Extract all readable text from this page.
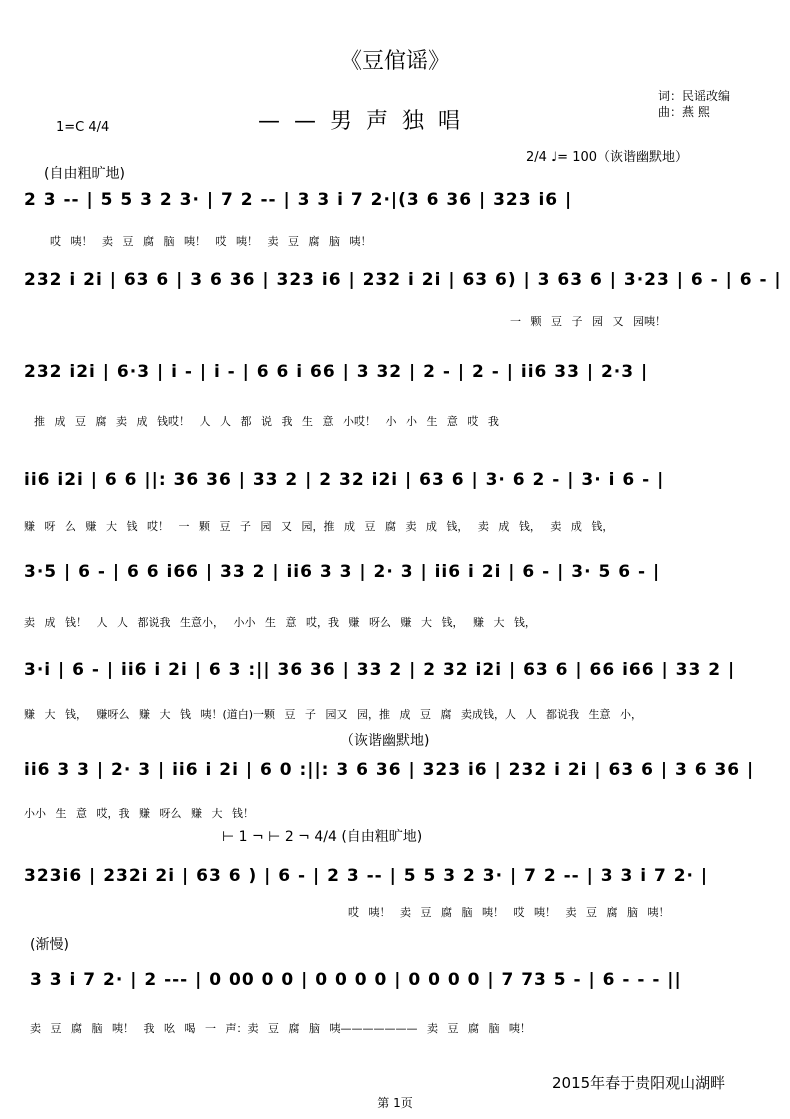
《豆倌谣》
——男声独唱
词：民谣改编
曲：燕 熙
1=C 4/4
2/4 ♩= 100（诙谐幽默地）
(自由粗旷地)
（诙谐幽默地)
⊢ 1 ¬ ⊢ 2 ¬ 4/4 (自由粗旷地)
(渐慢)
2 3 -- | 5 5 3 2 3· | 7 2 -- | 3 3 i 7 2·|(3 6 36 | 323 i6 |
哎 咦！ 卖 豆 腐 脑 咦！ 哎 咦！ 卖 豆 腐 脑 咦！
232 i 2i | 63 6 | 3 6 36 | 323 i6 | 232 i 2i | 63 6) | 3 63 6 | 3·23 | 6 - | 6 - |
一 颗 豆 子 园 又 园咦！
232 i2i | 6·3 | i - | i - | 6 6 i 66 | 3 32 | 2 - | 2 - | ii6 33 | 2·3 |
推 成 豆 腐 卖 成 钱哎！ 人 人 都 说 我 生 意 小哎！ 小 小 生 意 哎 我
ii6 i2i | 6 6 ||: 36 36 | 33 2 | 2 32 i2i | 63 6 | 3· 6 2 - | 3· i 6 - |
赚 呀 么 赚 大 钱 哎！ 一 颗 豆 子 园 又 园，推 成 豆 腐 卖 成 钱， 卖 成 钱， 卖 成 钱，
3·5 | 6 - | 6 6 i66 | 33 2 | ii6 3 3 | 2· 3 | ii6 i 2i | 6 - | 3· 5 6 - |
卖 成 钱！ 人 人 都说我 生意小， 小小 生 意 哎，我 赚 呀么 赚 大 钱， 赚 大 钱，
3·i | 6 - | ii6 i 2i | 6 3 :|| 36 36 | 33 2 | 2 32 i2i | 63 6 | 66 i66 | 33 2 |
赚 大 钱， 赚呀么 赚 大 钱 咦！(道白)一颗 豆 子 园又 园，推 成 豆 腐 卖成钱，人 人 都说我 生意 小，
ii6 3 3 | 2· 3 | ii6 i 2i | 6 0 :||: 3 6 36 | 323 i6 | 232 i 2i | 63 6 | 3 6 36 |
小小 生 意 哎，我 赚 呀么 赚 大 钱！
323i6 | 232i 2i | 63 6 ) | 6 - | 2 3 -- | 5 5 3 2 3· | 7 2 -- | 3 3 i 7 2· |
哎 咦！ 卖 豆 腐 脑 咦！ 哎 咦！ 卖 豆 腐 脑 咦！
3 3 i 7 2· | 2 --- | 0 00 0 0 | 0 0 0 0 | 0 0 0 0 | 7 73 5 - | 6 - - - ||
卖 豆 腐 脑 咦！ 我 吆 喝 一 声：卖 豆 腐 脑 咦——————— 卖 豆 腐 脑 咦！
2015年春于贵阳观山湖畔
第 1页
